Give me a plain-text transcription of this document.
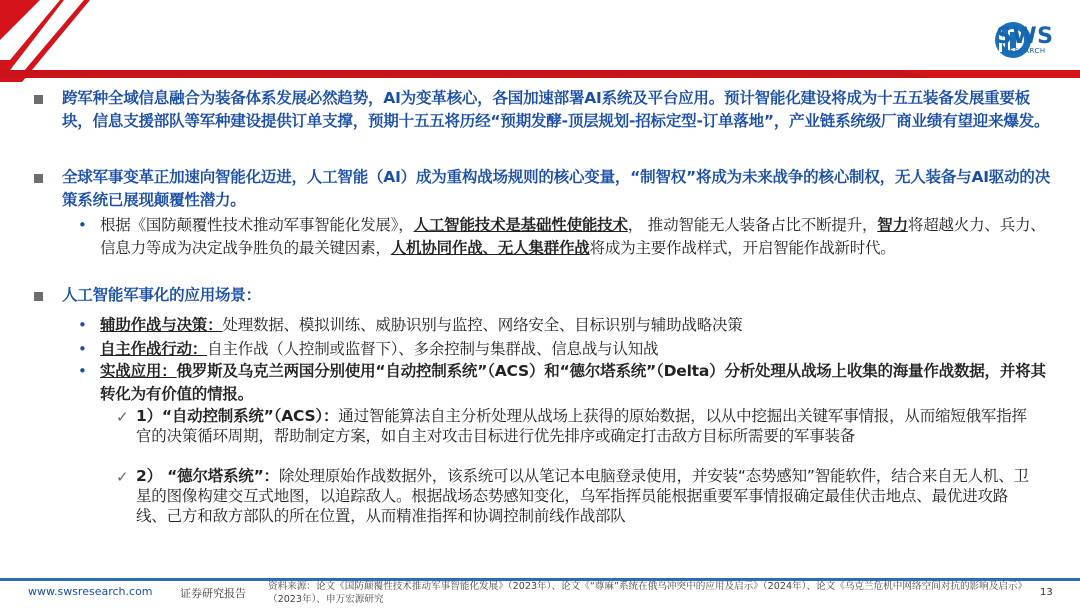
SWS
RESEARCH
跨军种全域信息融合为装备体系发展必然趋势，AI为变革核心，各国加速部署AI系统及平台应用。预计智能化建设将成为十五五装备发展重要板块，信息支援部队等军种建设提供订单支撑，预期十五五将历经“预期发酵-顶层规划-招标定型-订单落地”，产业链系统级厂商业绩有望迎来爆发。
全球军事变革正加速向智能化迈进，人工智能（AI）成为重构战场规则的核心变量，“制智权”将成为未来战争的核心制权，无人装备与AI驱动的决策系统已展现颠覆性潜力。
• 根据《国防颠覆性技术推动军事智能化发展》，人工智能技术是基础性使能技术， 推动智能无人装备占比不断提升，智力将超越火力、兵力、信息力等成为决定战争胜负的最关键因素，人机协同作战、无人集群作战将成为主要作战样式，开启智能作战新时代。
人工智能军事化的应用场景：
• 辅助作战与决策：处理数据、模拟训练、威胁识别与监控、网络安全、目标识别与辅助战略决策
• 自主作战行动：自主作战（人控制或监督下）、多余控制与集群战、信息战与认知战
• 实战应用：俄罗斯及乌克兰两国分别使用“自动控制系统”（ACS）和“德尔塔系统”（Delta）分析处理从战场上收集的海量作战数据，并将其转化为有价值的情报。
✓ 1）“自动控制系统”（ACS）：通过智能算法自主分析处理从战场上获得的原始数据，以从中挖掘出关键军事情报，从而缩短俄军指挥官的决策循环周期，帮助制定方案，如自主对攻击目标进行优先排序或确定打击敌方目标所需要的军事装备
✓ 2） “德尔塔系统”：除处理原始作战数据外，该系统可以从笔记本电脑登录使用，并安装“态势感知”智能软件，结合来自无人机、卫星的图像构建交互式地图，以追踪敌人。根据战场态势感知变化，乌军指挥员能根据重要军事情报确定最佳伏击地点、最优进攻路线、己方和敌方部队的所在位置，从而精准指挥和协调控制前线作战部队
www.swsresearch.com 证券研究报告
资料来源：论文《国防颠覆性技术推动军事智能化发展》（2023年）、论文《“尊麻”系统在俄乌冲突中的应用及启示》（2024年）、论文《乌克兰危机中网络空间对抗的影响及启示》（2023年）、申万宏源研究
13
